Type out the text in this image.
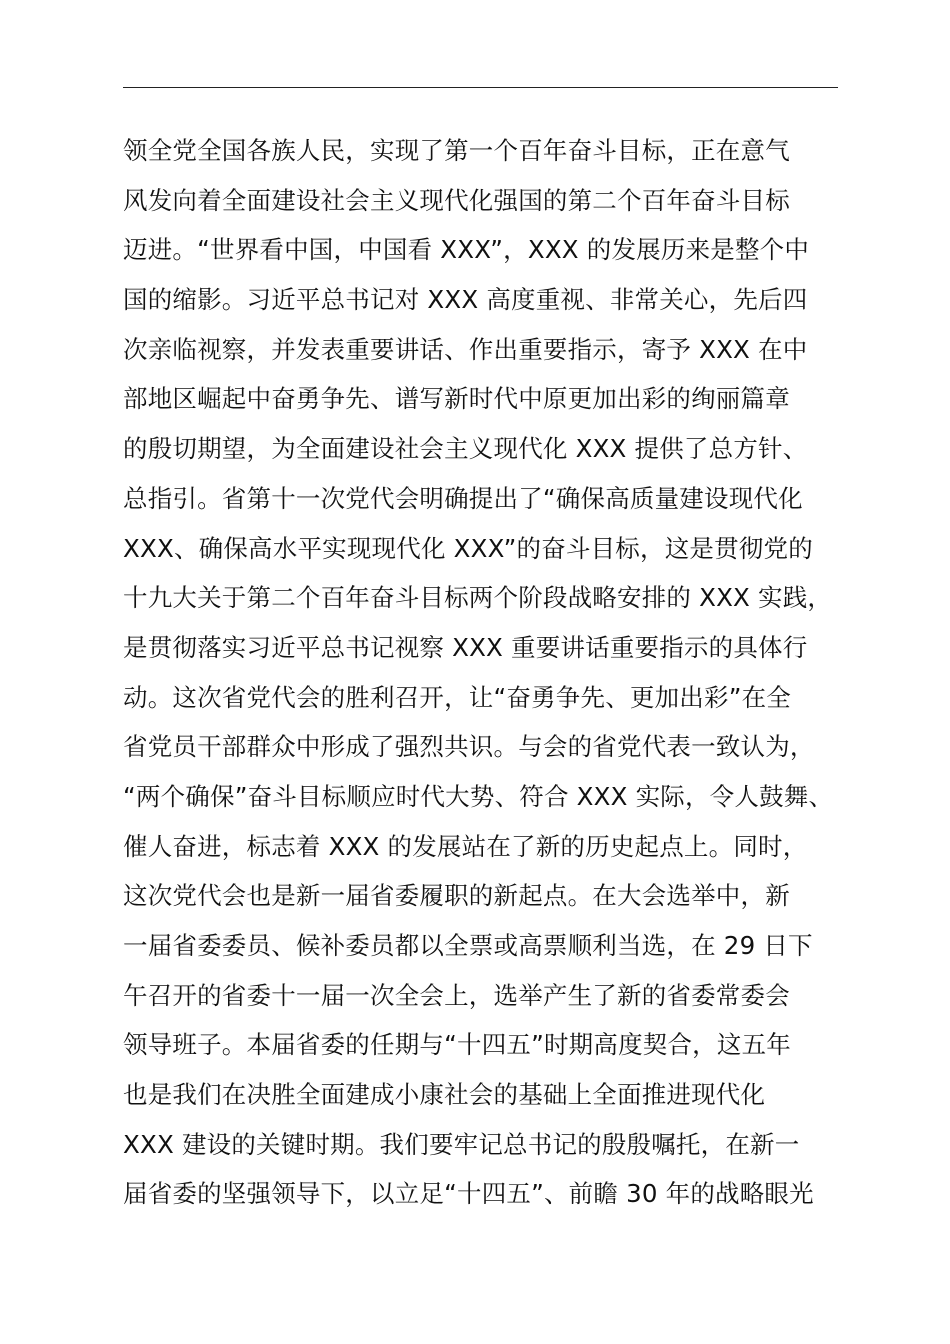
领全党全国各族人民，实现了第一个百年奋斗目标，正在意气
风发向着全面建设社会主义现代化强国的第二个百年奋斗目标
迈进。“世界看中国，中国看 XXX”，XXX 的发展历来是整个中
国的缩影。习近平总书记对 XXX 高度重视、非常关心，先后四
次亲临视察，并发表重要讲话、作出重要指示，寄予 XXX 在中
部地区崛起中奋勇争先、谱写新时代中原更加出彩的绚丽篇章
的殷切期望，为全面建设社会主义现代化 XXX 提供了总方针、
总指引。省第十一次党代会明确提出了“确保高质量建设现代化
XXX、确保高水平实现现代化 XXX”的奋斗目标，这是贯彻党的
十九大关于第二个百年奋斗目标两个阶段战略安排的 XXX 实践，
是贯彻落实习近平总书记视察 XXX 重要讲话重要指示的具体行
动。这次省党代会的胜利召开，让“奋勇争先、更加出彩”在全
省党员干部群众中形成了强烈共识。与会的省党代表一致认为，
“两个确保”奋斗目标顺应时代大势、符合 XXX 实际，令人鼓舞、
催人奋进，标志着 XXX 的发展站在了新的历史起点上。同时，
这次党代会也是新一届省委履职的新起点。在大会选举中，新
一届省委委员、候补委员都以全票或高票顺利当选，在 29 日下
午召开的省委十一届一次全会上，选举产生了新的省委常委会
领导班子。本届省委的任期与“十四五”时期高度契合，这五年
也是我们在决胜全面建成小康社会的基础上全面推进现代化
XXX 建设的关键时期。我们要牢记总书记的殷殷嘱托，在新一
届省委的坚强领导下，以立足“十四五”、前瞻 30 年的战略眼光
